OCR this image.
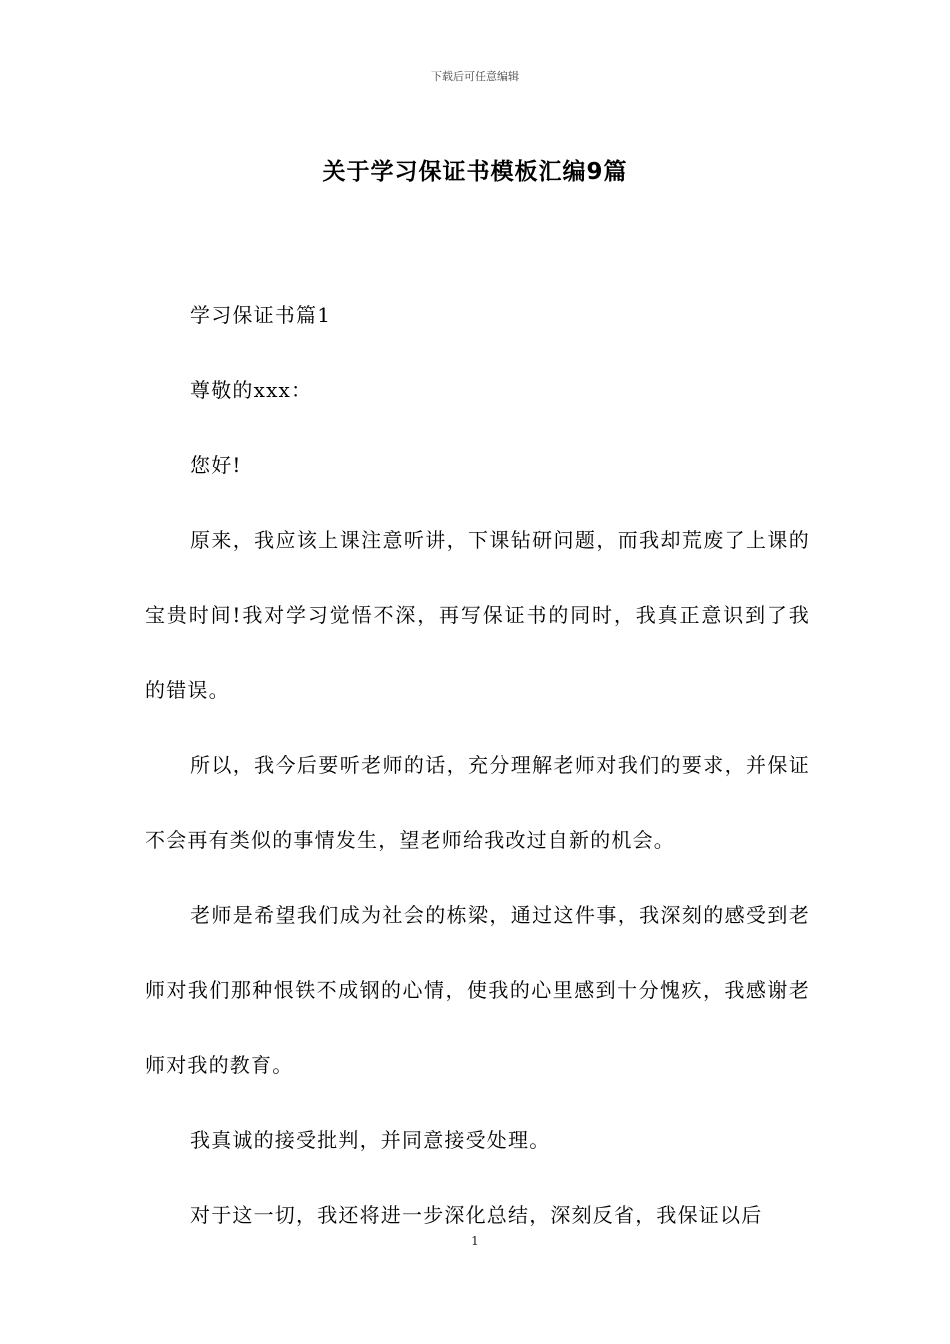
下载后可任意编辑
关于学习保证书模板汇编9篇

学习保证书篇1

尊敬的xxx：

您好!

原来，我应该上课注意听讲，下课钻研问题，而我却荒废了上课的宝贵时间!我对学习觉悟不深，再写保证书的同时，我真正意识到了我的错误。

所以，我今后要听老师的话，充分理解老师对我们的要求，并保证不会再有类似的事情发生，望老师给我改过自新的机会。

老师是希望我们成为社会的栋梁，通过这件事，我深刻的感受到老师对我们那种恨铁不成钢的心情，使我的心里感到十分愧疚，我感谢老师对我的教育。

我真诚的接受批判，并同意接受处理。

对于这一切，我还将进一步深化总结，深刻反省，我保证以后

1
